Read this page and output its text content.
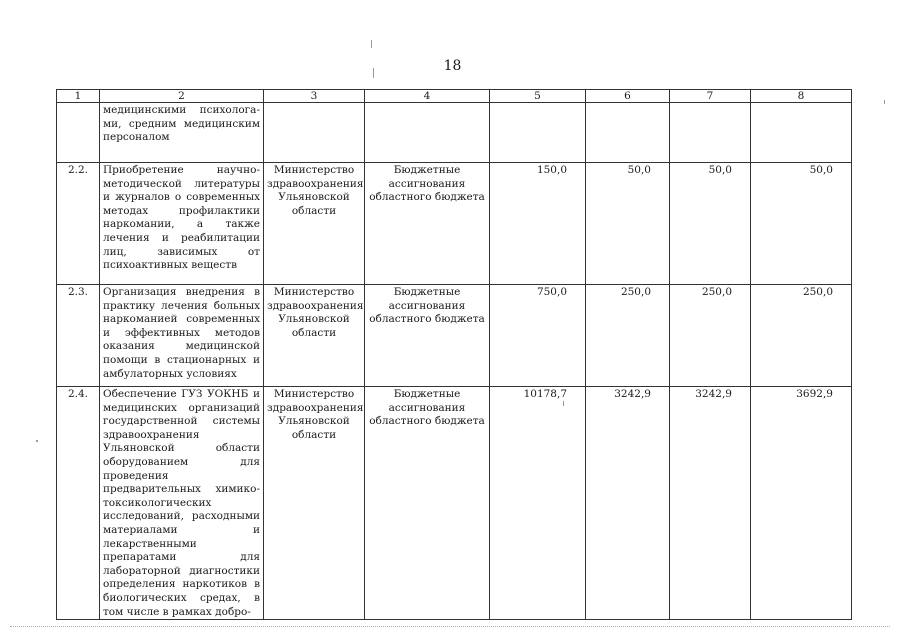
18
1	2	3	4	5	6	7	8
	медицинскими психолога-ми, средним медицинским персоналом						
2.2.	Приобретение научно-методической литературы и журналов о современных методах профилактики наркомании, а также лечения и реабилитации лиц, зависимых от психоактивных веществ	Министерство здравоохранения Ульяновской области	Бюджетные ассигнования областного бюджета	150,0	50,0	50,0	50,0
2.3.	Организация внедрения в практику лечения больных наркоманией современных и эффективных методов оказания медицинской помощи в стационарных и амбулаторных условиях	Министерство здравоохранения Ульяновской области	Бюджетные ассигнования областного бюджета	750,0	250,0	250,0	250,0
2.4.	Обеспечение ГУЗ УОКНБ и медицинских организаций государственной системы здравоохранения Ульяновской области оборудованием для проведения предварительных химико-токсикологических исследований, расходными материалами и лекарственными препаратами для лабораторной диагностики определения наркотиков в биологических средах, в том числе в рамках добро-	Министерство здравоохранения Ульяновской области	Бюджетные ассигнования областного бюджета	10178,7	3242,9	3242,9	3692,9
